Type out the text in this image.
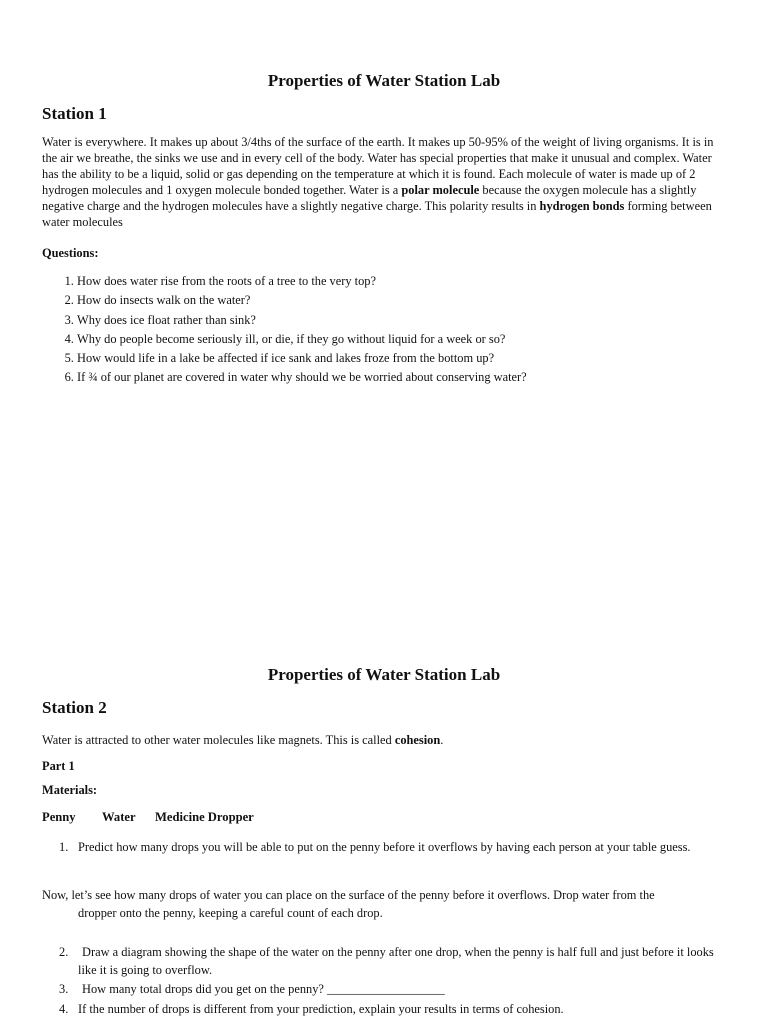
Properties of Water Station Lab
Station 1
Water is everywhere. It makes up about 3/4ths of the surface of the earth. It makes up 50-95% of the weight of living organisms. It is in the air we breathe, the sinks we use and in every cell of the body. Water has special properties that make it unusual and complex. Water has the ability to be a liquid, solid or gas depending on the temperature at which it is found. Each molecule of water is made up of 2 hydrogen molecules and 1 oxygen molecule bonded together. Water is a polar molecule because the oxygen molecule has a slightly negative charge and the hydrogen molecules have a slightly negative charge. This polarity results in hydrogen bonds forming between water molecules
Questions:
1. How does water rise from the roots of a tree to the very top?
2. How do insects walk on the water?
3. Why does ice float rather than sink?
4. Why do people become seriously ill, or die, if they go without liquid for a week or so?
5. How would life in a lake be affected if ice sank and lakes froze from the bottom up?
6. If ¾ of our planet are covered in water why should we be worried about conserving water?
Properties of Water Station Lab
Station 2
Water is attracted to other water molecules like magnets. This is called cohesion.
Part 1
Materials:
Penny Water Medicine Dropper
1. Predict how many drops you will be able to put on the penny before it overflows by having each person at your table guess.
Now, let’s see how many drops of water you can place on the surface of the penny before it overflows. Drop water from the
dropper onto the penny, keeping a careful count of each drop.
2.	Draw a diagram showing the shape of the water on the penny after one drop, when the penny is half full and just before it looks like it is going to overflow.
3.	How many total drops did you get on the penny? ___________________
4. If the number of drops is different from your prediction, explain your results in terms of cohesion.
